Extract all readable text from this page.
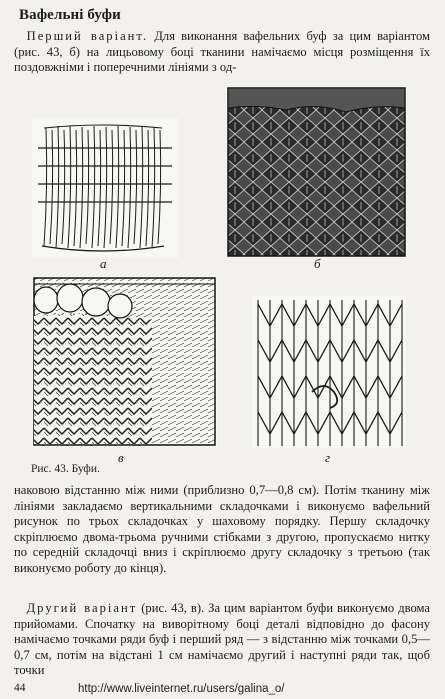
Вафельні буфи

 Перший варіант. Для виконання вафельних буф за цим варіантом (рис. 43, б) на лицьовому боці тканини намічаємо місця розміщення їх поздовжніми і поперечними лініями з од-

а	б
в	г
Рис. 43. Буфи.

наковою відстанню між ними (приблизно 0,7—0,8 см). Потім тканину між лініями закладаємо вертикальними складочками і виконуємо вафельний рисунок по трьох складочках у шаховому порядку. Першу складочку скріплюємо двома-трьома ручними стібками з другою, пропускаємо нитку по середній складочці вниз і скріплюємо другу складочку з третьою (так виконуємо роботу до кінця).

 Другий варіант (рис. 43, в). За цим варіантом буфи виконуємо двома прийомами. Спочатку на виворітному боці деталі відповідно до фасону намічаємо точками ряди буф і перший ряд — з відстанню між точками 0,5—0,7 см, потім на відстані 1 см намічаємо другий і наступні ряди так, щоб точки

44	http://www.liveinternet.ru/users/galina_o/
